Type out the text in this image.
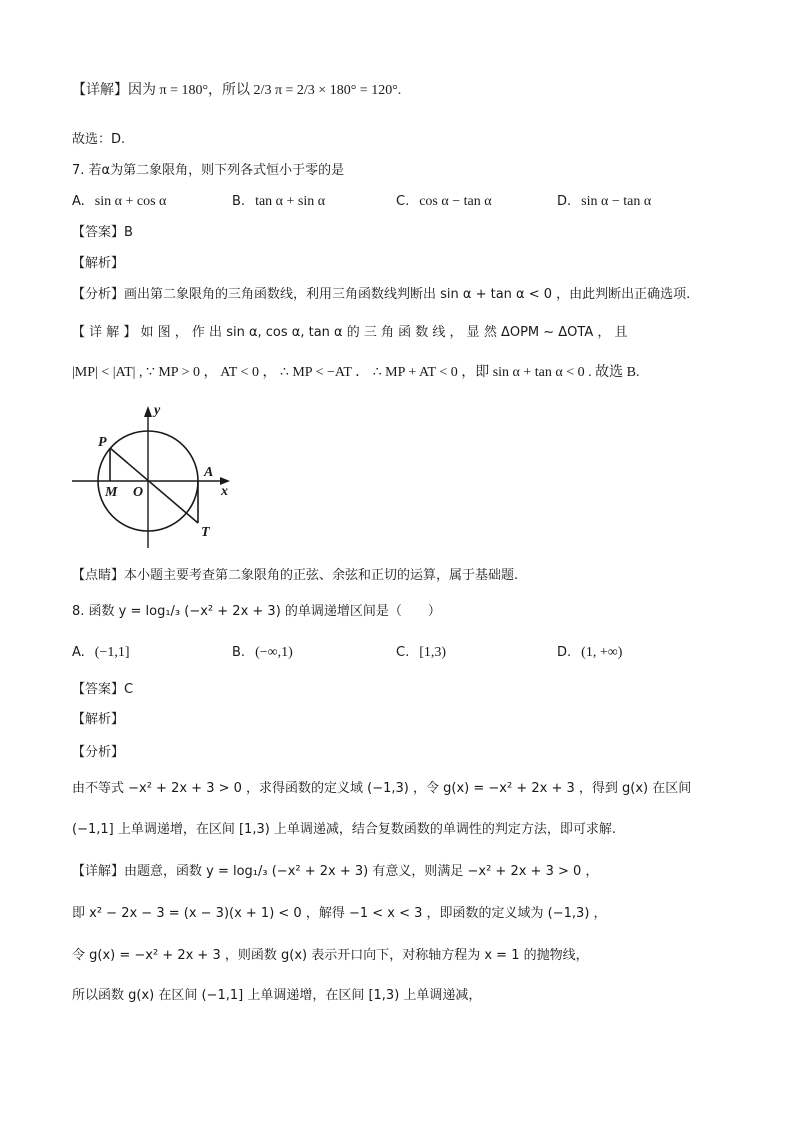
【详解】因为 π = 180°，所以 2/3 π = 2/3 × 180° = 120°.
故选：D.
7. 若α为第二象限角，则下列各式恒小于零的是
A. sin α + cos α	B. tan α + sin α	C. cos α − tan α	D. sin α − tan α
【答案】B
【解析】
【分析】画出第二象限角的三角函数线，利用三角函数线判断出 sin α + tan α < 0 ，由此判断出正确选项.
【 详 解 】 如 图 ， 作 出 sin α, cos α, tan α 的 三 角 函 数 线 ， 显 然 ΔOPM ~ ΔOTA ， 且
|MP| < |AT| , ∵ MP > 0 ， AT < 0 ， ∴ MP < −AT ． ∴ MP + AT < 0 ，即 sin α + tan α < 0 . 故选 B.
y
x
P
M O
A
T
【点睛】本小题主要考查第二象限角的正弦、余弦和正切的运算，属于基础题.
8. 函数 y = log₁/₃ (−x² + 2x + 3) 的单调递增区间是（　　）
A. (−1,1]	B. (−∞,1)	C. [1,3)	D. (1, +∞)
【答案】C
【解析】
【分析】
由不等式 −x² + 2x + 3 > 0 ，求得函数的定义域 (−1,3) ，令 g(x) = −x² + 2x + 3 ，得到 g(x) 在区间
(−1,1] 上单调递增，在区间 [1,3) 上单调递减，结合复数函数的单调性的判定方法，即可求解.
【详解】由题意，函数 y = log₁/₃ (−x² + 2x + 3) 有意义，则满足 −x² + 2x + 3 > 0 ，
即 x² − 2x − 3 = (x − 3)(x + 1) < 0 ，解得 −1 < x < 3 ，即函数的定义域为 (−1,3) ，
令 g(x) = −x² + 2x + 3 ，则函数 g(x) 表示开口向下，对称轴方程为 x = 1 的抛物线，
所以函数 g(x) 在区间 (−1,1] 上单调递增，在区间 [1,3) 上单调递减，
